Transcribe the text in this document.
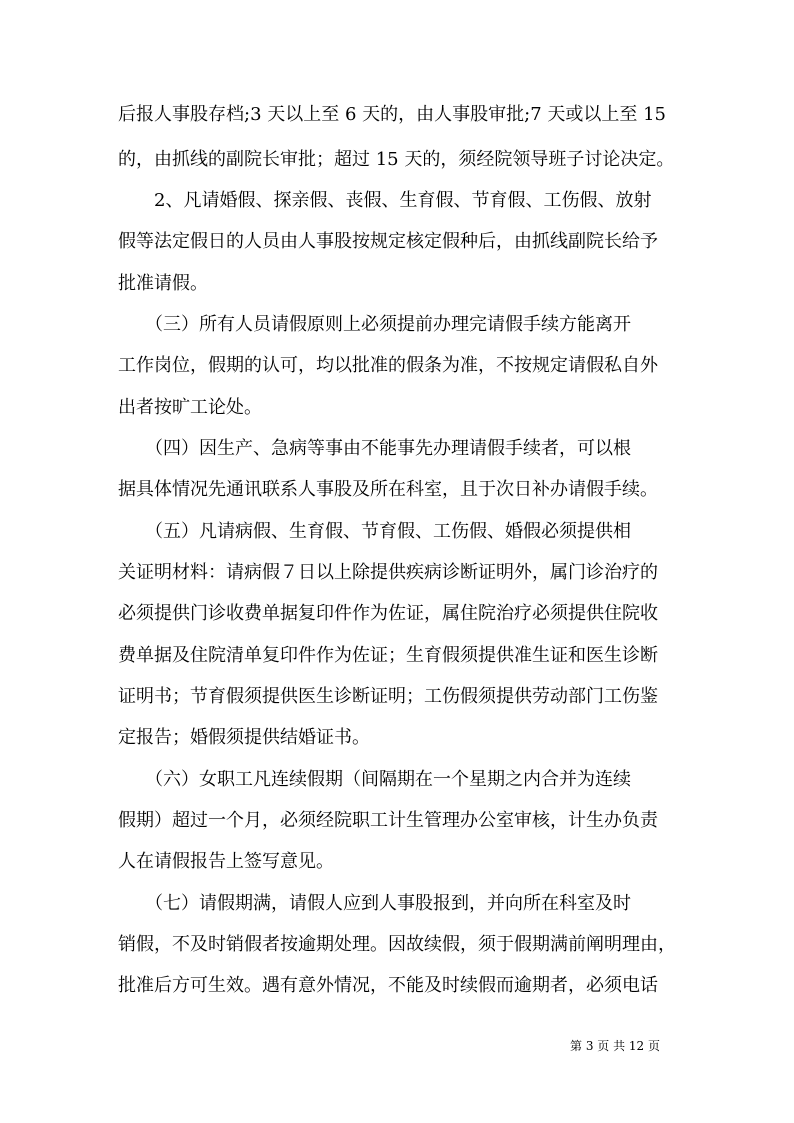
后报人事股存档;3 天以上至 6 天的，由人事股审批;7 天或以上至 15
的，由抓线的副院长审批；超过 15 天的，须经院领导班子讨论决定。
　　2、凡请婚假、探亲假、丧假、生育假、节育假、工伤假、放射
假等法定假日的人员由人事股按规定核定假种后，由抓线副院长给予
批准请假。
　　（三）所有人员请假原则上必须提前办理完请假手续方能离开
工作岗位，假期的认可，均以批准的假条为准，不按规定请假私自外
出者按旷工论处。
　　（四）因生产、急病等事由不能事先办理请假手续者，可以根
据具体情况先通讯联系人事股及所在科室，且于次日补办请假手续。
　　（五）凡请病假、生育假、节育假、工伤假、婚假必须提供相
关证明材料：请病假７日以上除提供疾病诊断证明外，属门诊治疗的
必须提供门诊收费单据复印件作为佐证，属住院治疗必须提供住院收
费单据及住院清单复印件作为佐证；生育假须提供准生证和医生诊断
证明书；节育假须提供医生诊断证明；工伤假须提供劳动部门工伤鉴
定报告；婚假须提供结婚证书。
　　（六）女职工凡连续假期（间隔期在一个星期之内合并为连续
假期）超过一个月，必须经院职工计生管理办公室审核，计生办负责
人在请假报告上签写意见。
　　（七）请假期满，请假人应到人事股报到，并向所在科室及时
销假，不及时销假者按逾期处理。因故续假，须于假期满前阐明理由，
批准后方可生效。遇有意外情况，不能及时续假而逾期者，必须电话
第 3 页 共 12 页
